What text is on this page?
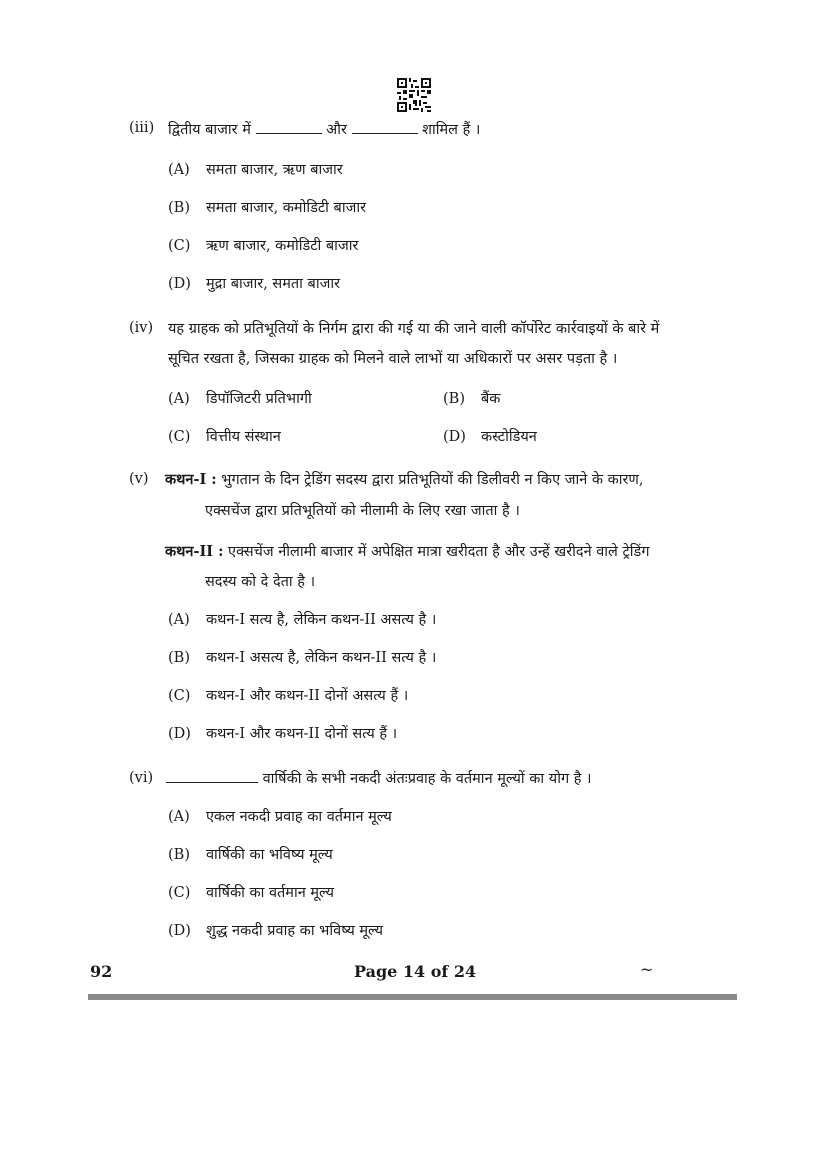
(iii) द्वितीय बाजार में	और	शामिल हैं ।
(A) समता बाजार, ऋण बाजार
(B) समता बाजार, कमोडिटी बाजार
(C) ऋण बाजार, कमोडिटी बाजार
(D) मुद्रा बाजार, समता बाजार
(iv) यह ग्राहक को प्रतिभूतियों के निर्गम द्वारा की गई या की जाने वाली कॉर्पोरेट कार्रवाइयों के बारे में
सूचित रखता है, जिसका ग्राहक को मिलने वाले लाभों या अधिकारों पर असर पड़ता है ।
(A) डिपॉजिटरी प्रतिभागी	(B) बैंक
(C) वित्तीय संस्थान	(D) कस्टोडियन
(v) कथन-I : भुगतान के दिन ट्रेडिंग सदस्य द्वारा प्रतिभूतियों की डिलीवरी न किए जाने के कारण,
एक्सचेंज द्वारा प्रतिभूतियों को नीलामी के लिए रखा जाता है ।
कथन-II : एक्सचेंज नीलामी बाजार में अपेक्षित मात्रा खरीदता है और उन्हें खरीदने वाले ट्रेडिंग
सदस्य को दे देता है ।
(A) कथन-I सत्य है, लेकिन कथन-II असत्य है ।
(B) कथन-I असत्य है, लेकिन कथन-II सत्य है ।
(C) कथन-I और कथन-II दोनों असत्य हैं ।
(D) कथन-I और कथन-II दोनों सत्य हैं ।
(vi)	वार्षिकी के सभी नकदी अंतःप्रवाह के वर्तमान मूल्यों का योग है ।
(A) एकल नकदी प्रवाह का वर्तमान मूल्य
(B) वार्षिकी का भविष्य मूल्य
(C) वार्षिकी का वर्तमान मूल्य
(D) शुद्ध नकदी प्रवाह का भविष्य मूल्य
92	Page 14 of 24	~
